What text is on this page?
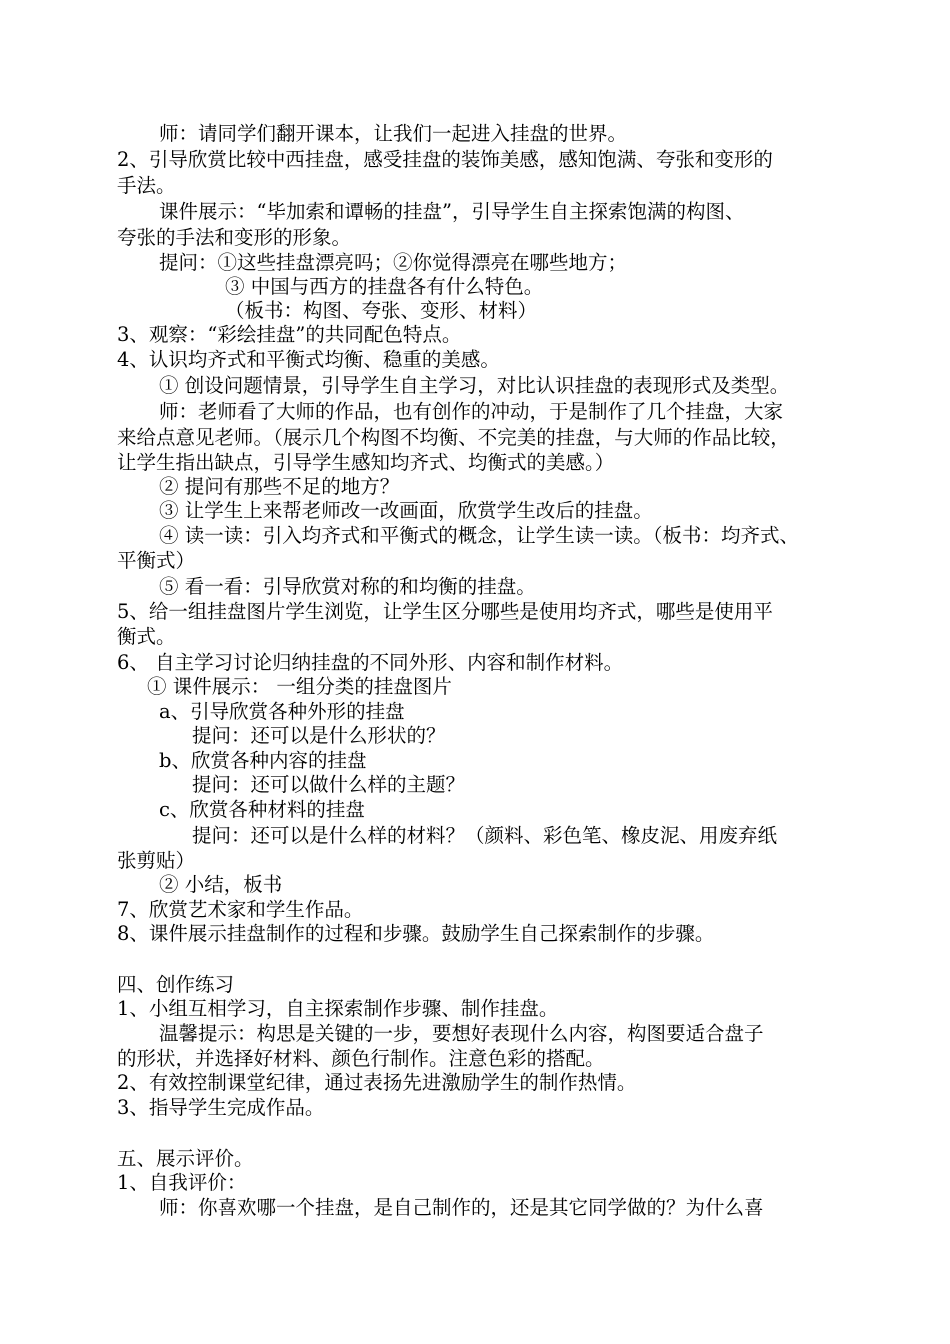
师：请同学们翻开课本，让我们一起进入挂盘的世界。
2、引导欣赏比较中西挂盘，感受挂盘的装饰美感，感知饱满、夸张和变形的
手法。
课件展示：“毕加索和谭畅的挂盘”，引导学生自主探索饱满的构图、
夸张的手法和变形的形象。
提问：①这些挂盘漂亮吗；②你觉得漂亮在哪些地方；
③ 中国与西方的挂盘各有什么特色。
（板书：构图、夸张、变形、材料）
3、观察：“彩绘挂盘”的共同配色特点。
4、认识均齐式和平衡式均衡、稳重的美感。
① 创设问题情景，引导学生自主学习，对比认识挂盘的表现形式及类型。
师：老师看了大师的作品，也有创作的冲动，于是制作了几个挂盘，大家
来给点意见老师。（展示几个构图不均衡、不完美的挂盘，与大师的作品比较，
让学生指出缺点，引导学生感知均齐式、均衡式的美感。）
② 提问有那些不足的地方？
③ 让学生上来帮老师改一改画面，欣赏学生改后的挂盘。
④ 读一读：引入均齐式和平衡式的概念，让学生读一读。（板书：均齐式、
平衡式）
⑤ 看一看：引导欣赏对称的和均衡的挂盘。
5、给一组挂盘图片学生浏览，让学生区分哪些是使用均齐式，哪些是使用平
衡式。
6、 自主学习讨论归纳挂盘的不同外形、内容和制作材料。
① 课件展示： 一组分类的挂盘图片
a、引导欣赏各种外形的挂盘
提问：还可以是什么形状的？
b、欣赏各种内容的挂盘
提问：还可以做什么样的主题？
c、欣赏各种材料的挂盘
提问：还可以是什么样的材料？（颜料、彩色笔、橡皮泥、用废弃纸
张剪贴）
② 小结，板书
7、欣赏艺术家和学生作品。
8、课件展示挂盘制作的过程和步骤。鼓励学生自己探索制作的步骤。
四、创作练习
1、小组互相学习，自主探索制作步骤、制作挂盘。
温馨提示：构思是关键的一步，要想好表现什么内容，构图要适合盘子
的形状，并选择好材料、颜色行制作。注意色彩的搭配。
2、有效控制课堂纪律，通过表扬先进激励学生的制作热情。
3、指导学生完成作品。
五、展示评价。
1、自我评价：
师：你喜欢哪一个挂盘，是自己制作的，还是其它同学做的？为什么喜
